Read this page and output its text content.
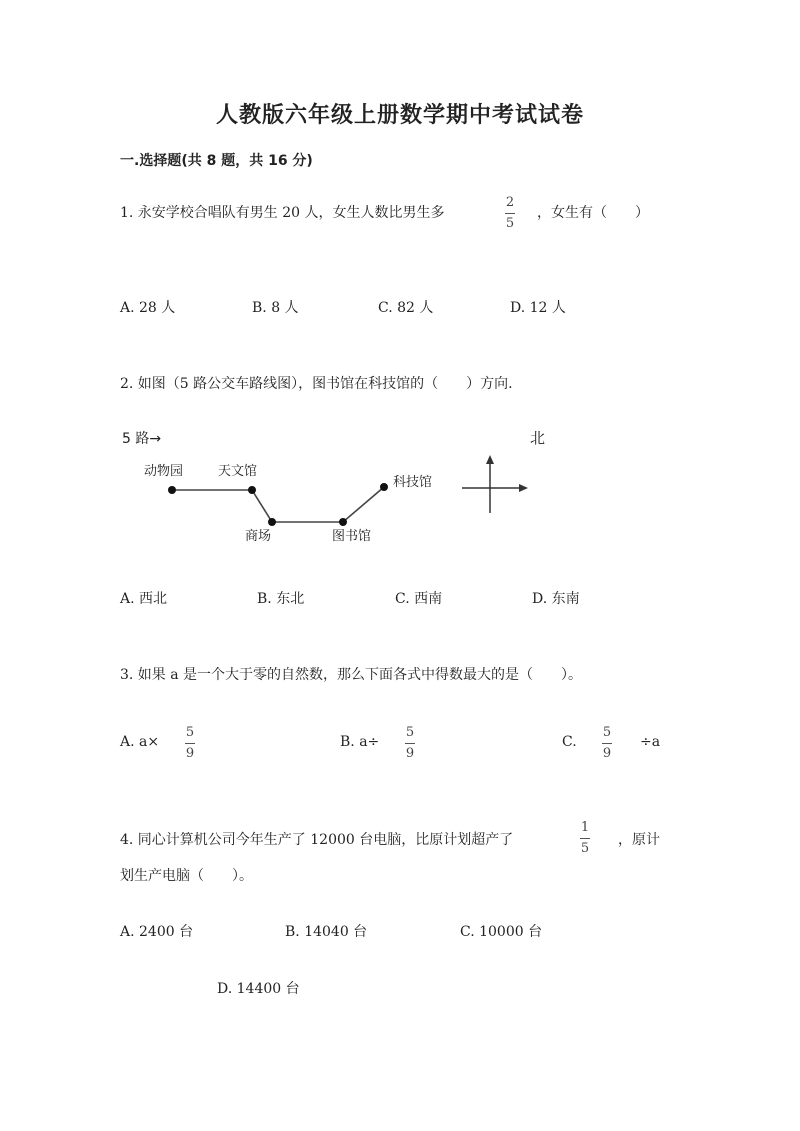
人教版六年级上册数学期中考试试卷
一.选择题(共 8 题，共 16 分)
1. 永安学校合唱队有男生 20 人，女生人数比男生多
2
5
，女生有（　　）
A. 28 人	B. 8 人	C. 82 人	D. 12 人
2. 如图（5 路公交车路线图），图书馆在科技馆的（　　）方向.
5 路→	北
动物园	天文馆
商场	图书馆
科技馆
A. 西北	B. 东北	C. 西南	D. 东南
3. 如果 a 是一个大于零的自然数，那么下面各式中得数最大的是（　　）。
A. a×
5
9
B. a÷
5
9
C.
5
9
÷a
4. 同心计算机公司今年生产了 12000 台电脑，比原计划超产了
1
5
，原计
划生产电脑（　　）。
A. 2400 台	B. 14040 台	C. 10000 台
D. 14400 台
